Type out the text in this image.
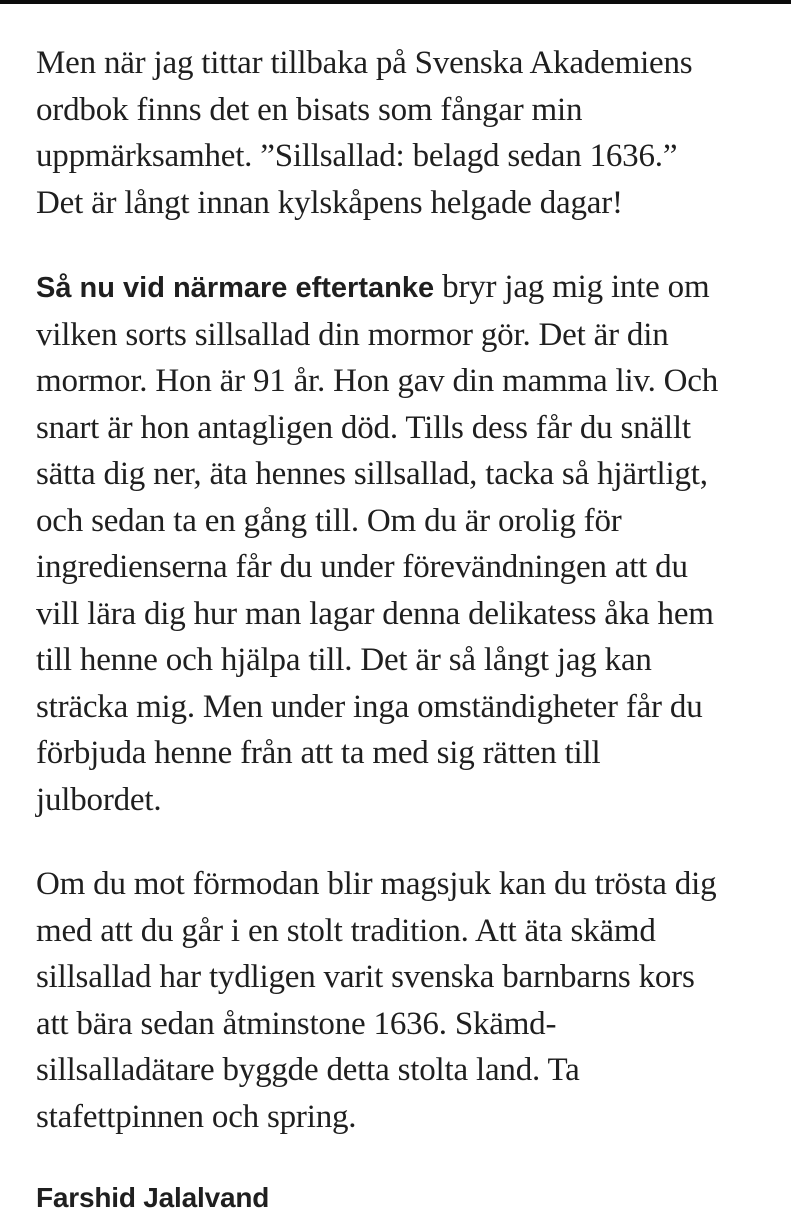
Men när jag tittar tillbaka på Svenska Akademiens
ordbok finns det en bisats som fångar min
uppmärksamhet. ”Sillsallad: belagd sedan 1636.”
Det är långt innan kylskåpens helgade dagar!

Så nu vid närmare eftertanke bryr jag mig inte om
vilken sorts sillsallad din mormor gör. Det är din
mormor. Hon är 91 år. Hon gav din mamma liv. Och
snart är hon antagligen död. Tills dess får du snällt
sätta dig ner, äta hennes sillsallad, tacka så hjärtligt,
och sedan ta en gång till. Om du är orolig för
ingredienserna får du under förevändningen att du
vill lära dig hur man lagar denna delikatess åka hem
till henne och hjälpa till. Det är så långt jag kan
sträcka mig. Men under inga omständigheter får du
förbjuda henne från att ta med sig rätten till
julbordet.

Om du mot förmodan blir magsjuk kan du trösta dig
med att du går i en stolt tradition. Att äta skämd
sillsallad har tydligen varit svenska barnbarns kors
att bära sedan åtminstone 1636. Skämd-
sillsalladätare byggde detta stolta land. Ta
stafettpinnen och spring.

Farshid Jalalvand
